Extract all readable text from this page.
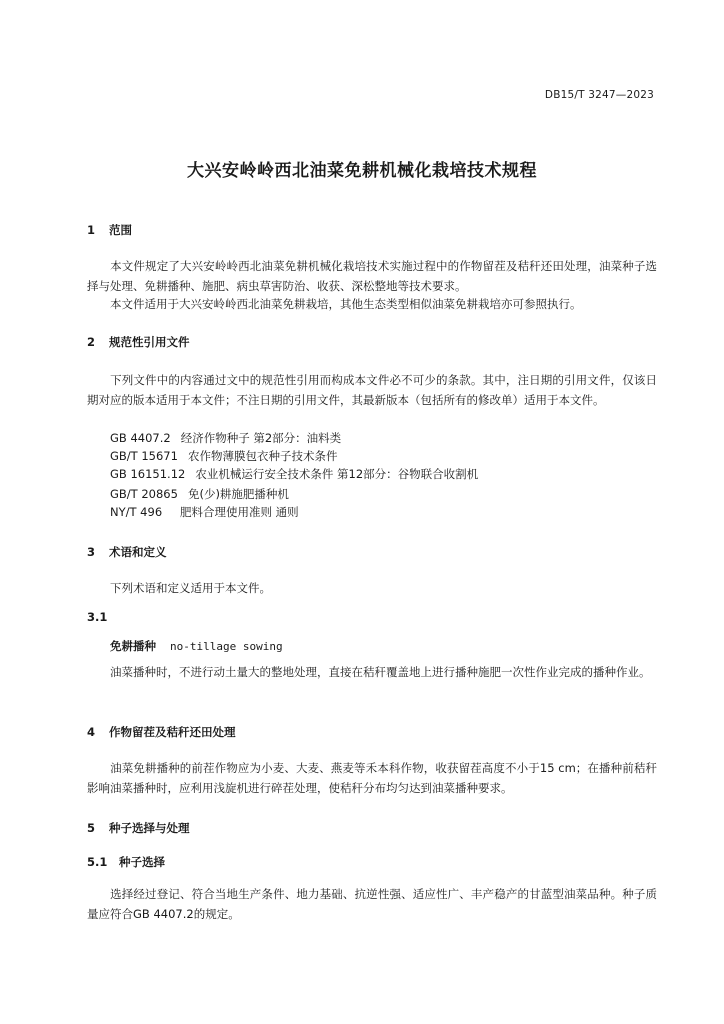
DB15/T 3247—2023
大兴安岭岭西北油菜免耕机械化栽培技术规程
1 范围
本文件规定了大兴安岭岭西北油菜免耕机械化栽培技术实施过程中的作物留茬及秸秆还田处理，油菜种子选择与处理、免耕播种、施肥、病虫草害防治、收获、深松整地等技术要求。
本文件适用于大兴安岭岭西北油菜免耕栽培，其他生态类型相似油菜免耕栽培亦可参照执行。
2 规范性引用文件
下列文件中的内容通过文中的规范性引用而构成本文件必不可少的条款。其中，注日期的引用文件，仅该日期对应的版本适用于本文件；不注日期的引用文件，其最新版本（包括所有的修改单）适用于本文件。
GB 4407.2 经济作物种子 第2部分：油料类
GB/T 15671 农作物薄膜包衣种子技术条件
GB 16151.12 农业机械运行安全技术条件 第12部分：谷物联合收割机
GB/T 20865 免(少)耕施肥播种机
NY/T 496 肥料合理使用准则 通则
3 术语和定义
下列术语和定义适用于本文件。
3.1
免耕播种 no-tillage sowing
油菜播种时，不进行动土量大的整地处理，直接在秸秆覆盖地上进行播种施肥一次性作业完成的播种作业。
4 作物留茬及秸秆还田处理
油菜免耕播种的前茬作物应为小麦、大麦、燕麦等禾本科作物，收获留茬高度不小于15 cm；在播种前秸秆影响油菜播种时，应利用浅旋机进行碎茬处理，使秸秆分布均匀达到油菜播种要求。
5 种子选择与处理
5.1 种子选择
选择经过登记、符合当地生产条件、地力基础、抗逆性强、适应性广、丰产稳产的甘蓝型油菜品种。种子质量应符合GB 4407.2的规定。
